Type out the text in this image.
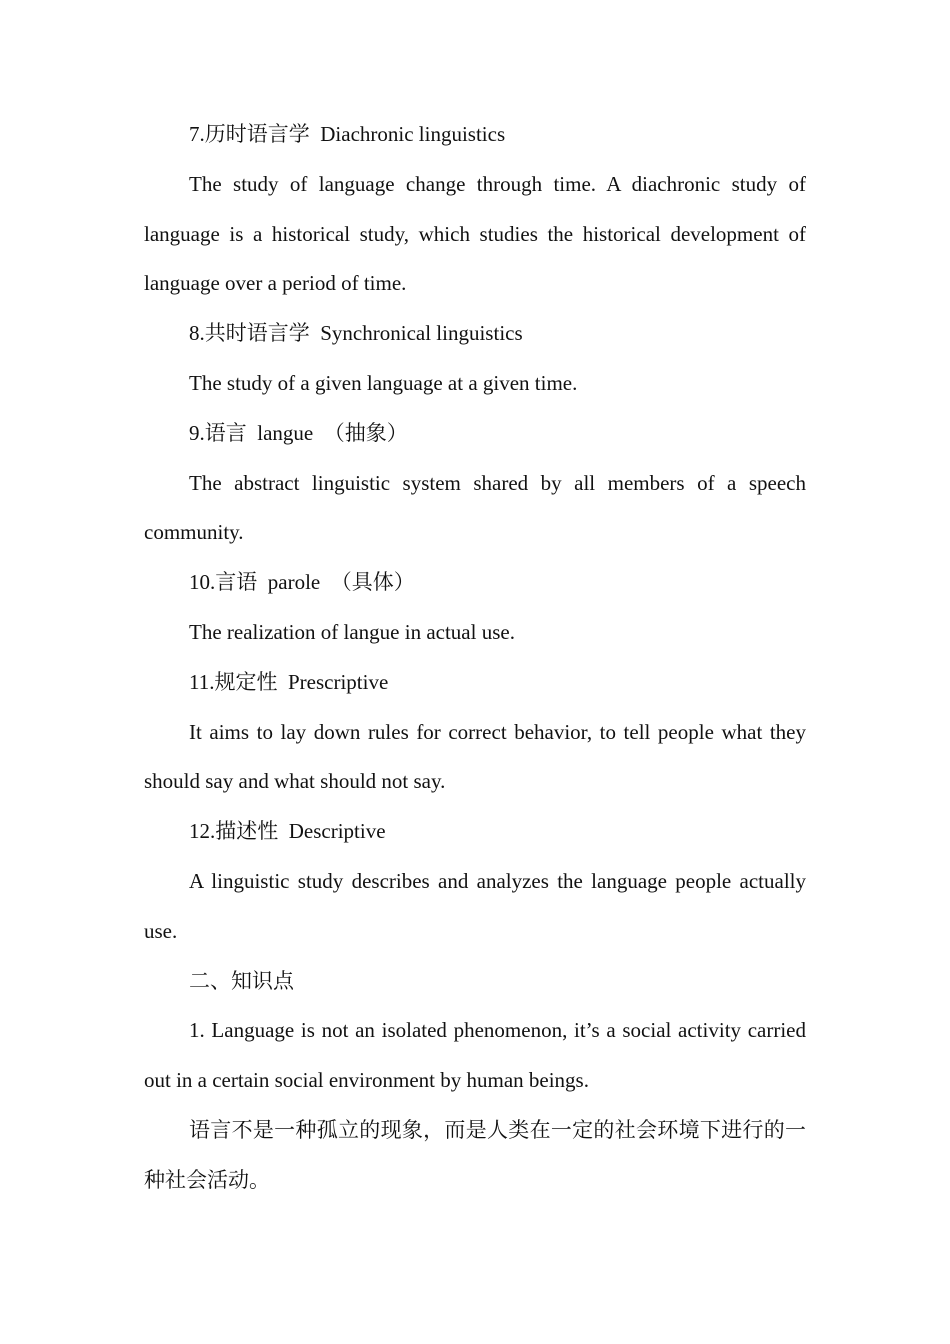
7.历时语言学  Diachronic linguistics

The study of language change through time. A diachronic study of language is a historical study, which studies the historical development of language over a period of time.

8.共时语言学  Synchronical linguistics

The study of a given language at a given time.

9.语言  langue  （抽象）

The abstract linguistic system shared by all members of a speech community.

10.言语  parole  （具体）

The realization of langue in actual use.

11.规定性  Prescriptive

It aims to lay down rules for correct behavior, to tell people what they should say and what should not say.

12.描述性  Descriptive

A linguistic study describes and analyzes the language people actually use.

二、知识点

1. Language is not an isolated phenomenon, it’s a social activity carried out in a certain social environment by human beings.

语言不是一种孤立的现象，而是人类在一定的社会环境下进行的一种社会活动。
